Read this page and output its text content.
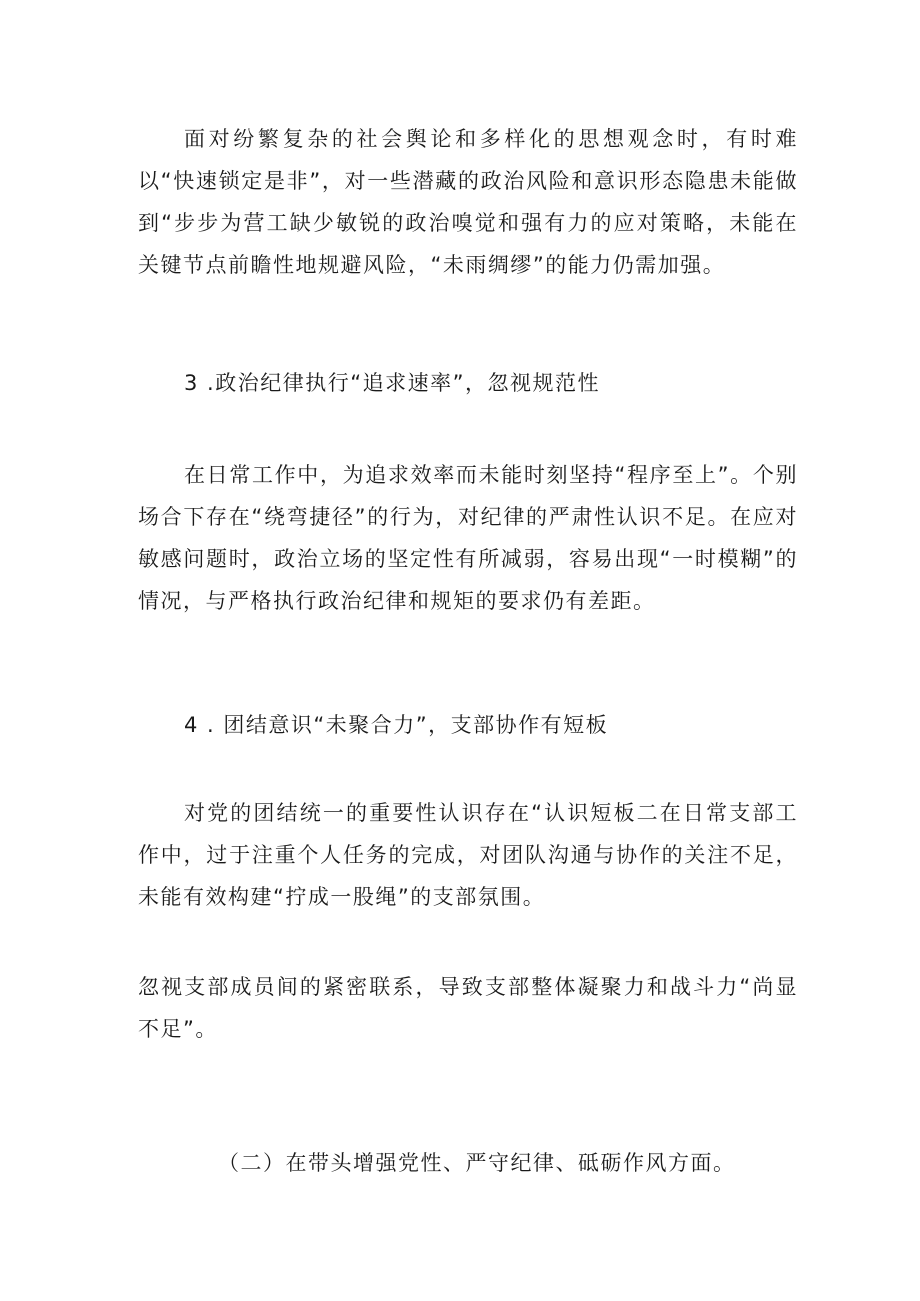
面对纷繁复杂的社会舆论和多样化的思想观念时，有时难以“快速锁定是非”，对一些潜藏的政治风险和意识形态隐患未能做到“步步为营工缺少敏锐的政治嗅觉和强有力的应对策略，未能在关键节点前瞻性地规避风险，“未雨绸缪”的能力仍需加强。

3 .政治纪律执行“追求速率”，忽视规范性

在日常工作中，为追求效率而未能时刻坚持“程序至上”。个别场合下存在“绕弯捷径”的行为，对纪律的严肃性认识不足。在应对敏感问题时，政治立场的坚定性有所减弱，容易出现“一时模糊”的情况，与严格执行政治纪律和规矩的要求仍有差距。

4 . 团结意识“未聚合力”，支部协作有短板

对党的团结统一的重要性认识存在“认识短板二在日常支部工作中，过于注重个人任务的完成，对团队沟通与协作的关注不足，未能有效构建“拧成一股绳”的支部氛围。

忽视支部成员间的紧密联系，导致支部整体凝聚力和战斗力“尚显不足”。

（二）在带头增强党性、严守纪律、砥砺作风方面。
